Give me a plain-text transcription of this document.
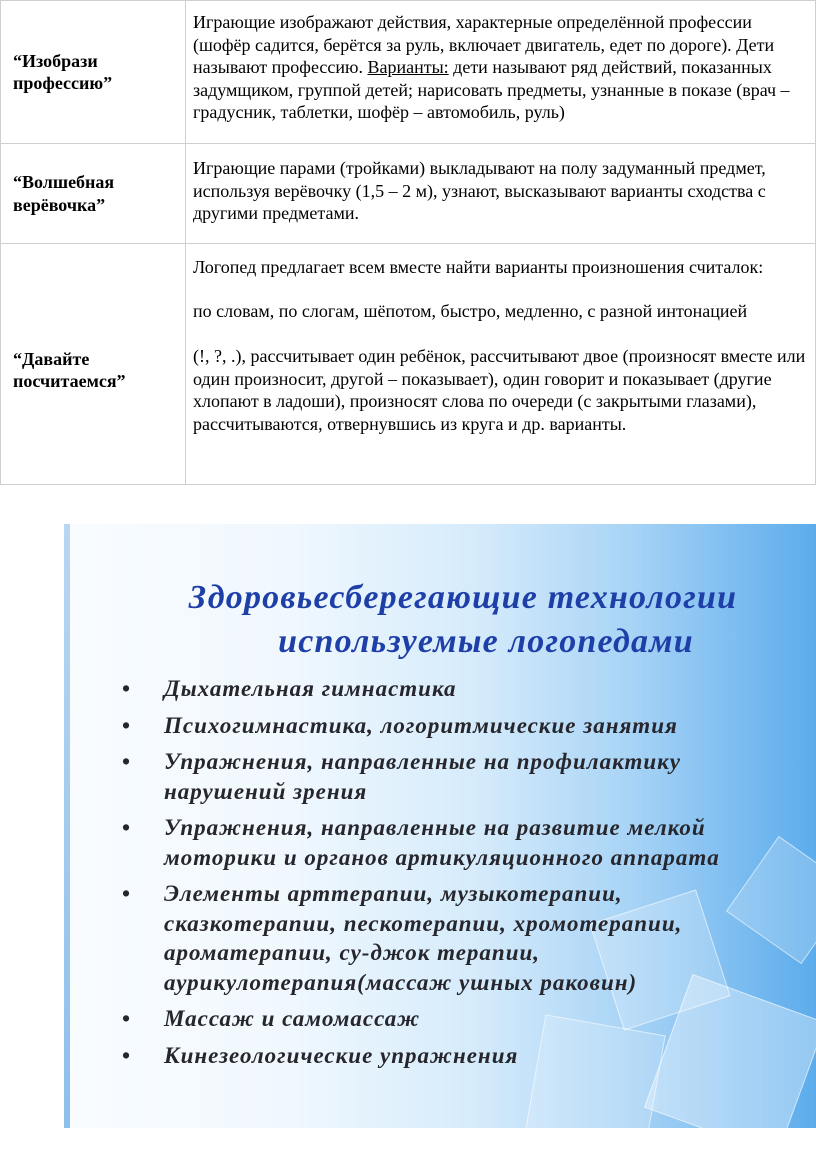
“Изобрази профессию”	Играющие изображают действия, характерные определённой профессии (шофёр садится, берётся за руль, включает двигатель, едет по дороге). Дети называют профессию. Варианты: дети называют ряд действий, показанных задумщиком, группой детей; нарисовать предметы, узнанные в показе (врач – градусник, таблетки, шофёр – автомобиль, руль)
“Волшебная верёвочка”	Играющие парами (тройками) выкладывают на полу задуманный предмет, используя верёвочку (1,5 – 2 м), узнают, высказывают варианты сходства с другими предметами.
“Давайте посчитаемся”	Логопед предлагает всем вместе найти варианты произношения считалок:

по словам, по слогам, шёпотом, быстро, медленно, с разной интонацией

(!, ?, .), рассчитывает один ребёнок, рассчитывают двое (произносят вместе или один произносит, другой – показывает), один говорит и показывает (другие хлопают в ладоши), произносят слова по очереди (с закрытыми глазами), рассчитываются, отвернувшись из круга и др. варианты.

Здоровьесберегающие технологии
используемые логопедами
• Дыхательная гимнастика
• Психогимнастика, логоритмические занятия
• Упражнения, направленные на профилактику нарушений зрения
• Упражнения, направленные на развитие мелкой моторики и органов артикуляционного аппарата
• Элементы арттерапии, музыкотерапии, сказкотерапии, пескотерапии, хромотерапии, ароматерапии, су-джок терапии, аурикулотерапия(массаж ушных раковин)
• Массаж и самомассаж
• Кинезеологические упражнения
